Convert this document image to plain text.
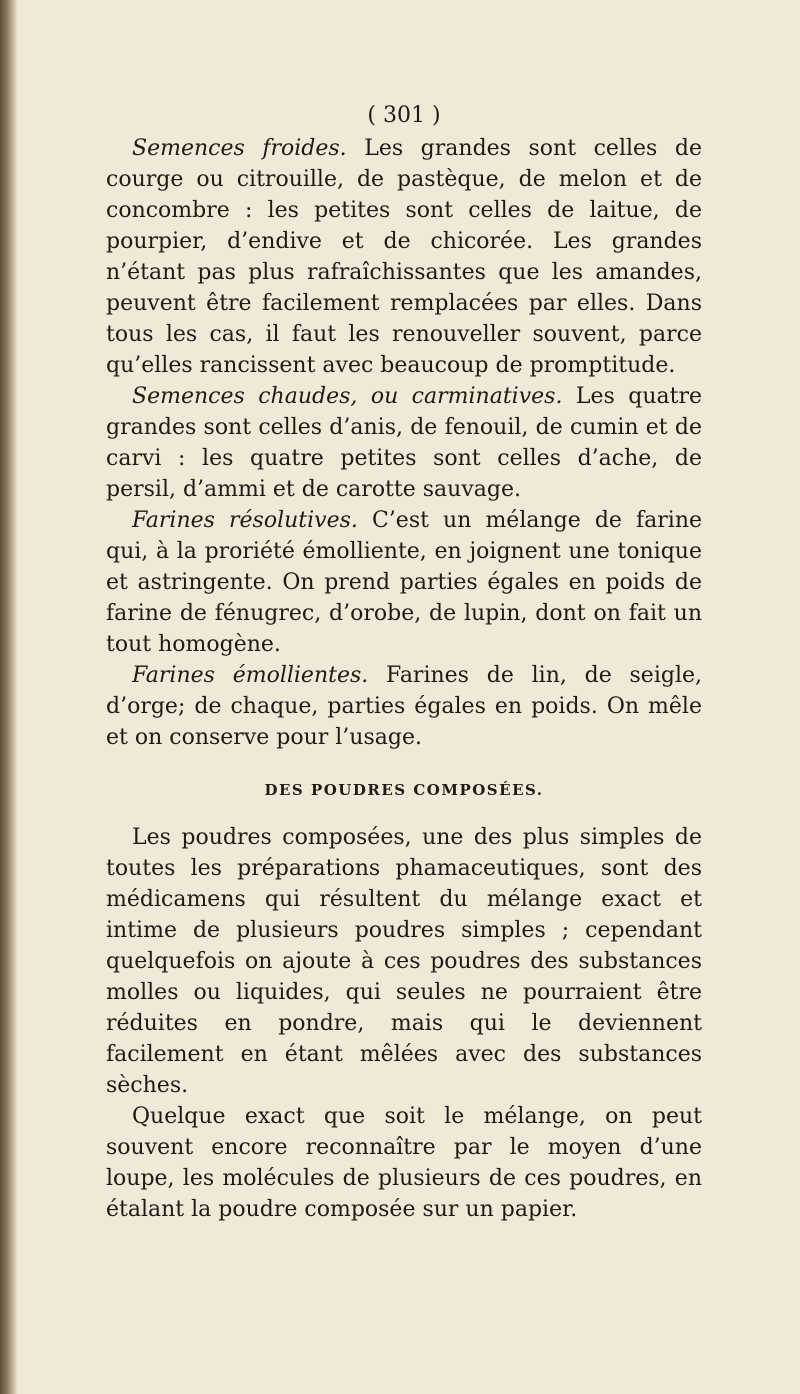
( 301 )

Semences froides. Les grandes sont celles de courge ou citrouille, de pastèque, de melon et de concombre : les petites sont celles de laitue, de pourpier, d’endive et de chicorée. Les grandes n’étant pas plus rafraîchissantes que les amandes, peuvent être facilement remplacées par elles. Dans tous les cas, il faut les renouveller souvent, parce qu’elles rancissent avec beaucoup de promptitude.

Semences chaudes, ou carminatives. Les quatre grandes sont celles d’anis, de fenouil, de cumin et de carvi : les quatre petites sont celles d’ache, de persil, d’ammi et de carotte sauvage.

Farines résolutives. C’est un mélange de farine qui, à la proriété émolliente, en joignent une tonique et astringente. On prend parties égales en poids de farine de fénugrec, d’orobe, de lupin, dont on fait un tout homogène.

Farines émollientes. Farines de lin, de seigle, d’orge; de chaque, parties égales en poids. On mêle et on conserve pour l’usage.

DES POUDRES COMPOSÉES.

Les poudres composées, une des plus simples de toutes les préparations phamaceutiques, sont des médicamens qui résultent du mélange exact et intime de plusieurs poudres simples ; cependant quelquefois on ajoute à ces poudres des substances molles ou liquides, qui seules ne pourraient être réduites en pondre, mais qui le deviennent facilement en étant mêlées avec des substances sèches.

Quelque exact que soit le mélange, on peut souvent encore reconnaître par le moyen d’une loupe, les molécules de plusieurs de ces poudres, en étalant la poudre composée sur un papier.
